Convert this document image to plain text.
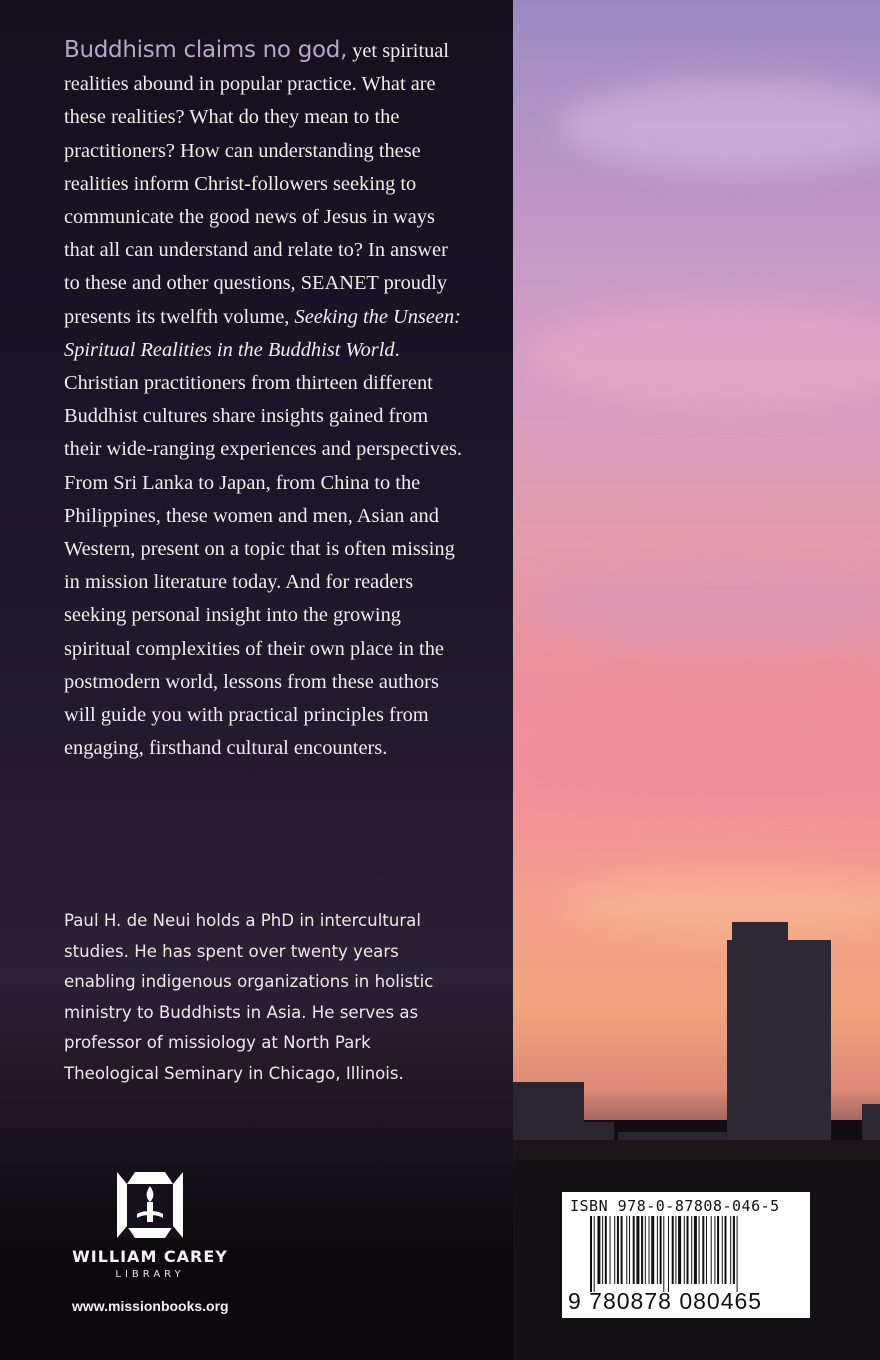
Buddhism claims no god, yet spiritual realities abound in popular practice. What are these realities? What do they mean to the practitioners? How can understanding these realities inform Christ-followers seeking to communicate the good news of Jesus in ways that all can understand and relate to? In answer to these and other questions, SEANET proudly presents its twelfth volume, Seeking the Unseen: Spiritual Realities in the Buddhist World. Christian practitioners from thirteen different Buddhist cultures share insights gained from their wide-ranging experiences and perspectives. From Sri Lanka to Japan, from China to the Philippines, these women and men, Asian and Western, present on a topic that is often missing in mission literature today. And for readers seeking personal insight into the growing spiritual complexities of their own place in the postmodern world, lessons from these authors will guide you with practical principles from engaging, firsthand cultural encounters.
Paul H. de Neui holds a PhD in intercultural studies. He has spent over twenty years enabling indigenous organizations in holistic ministry to Buddhists in Asia. He serves as professor of missiology at North Park Theological Seminary in Chicago, Illinois.
WILLIAM CAREY
LIBRARY
www.missionbooks.org
ISBN 978-0-87808-046-5
9 780878 080465
